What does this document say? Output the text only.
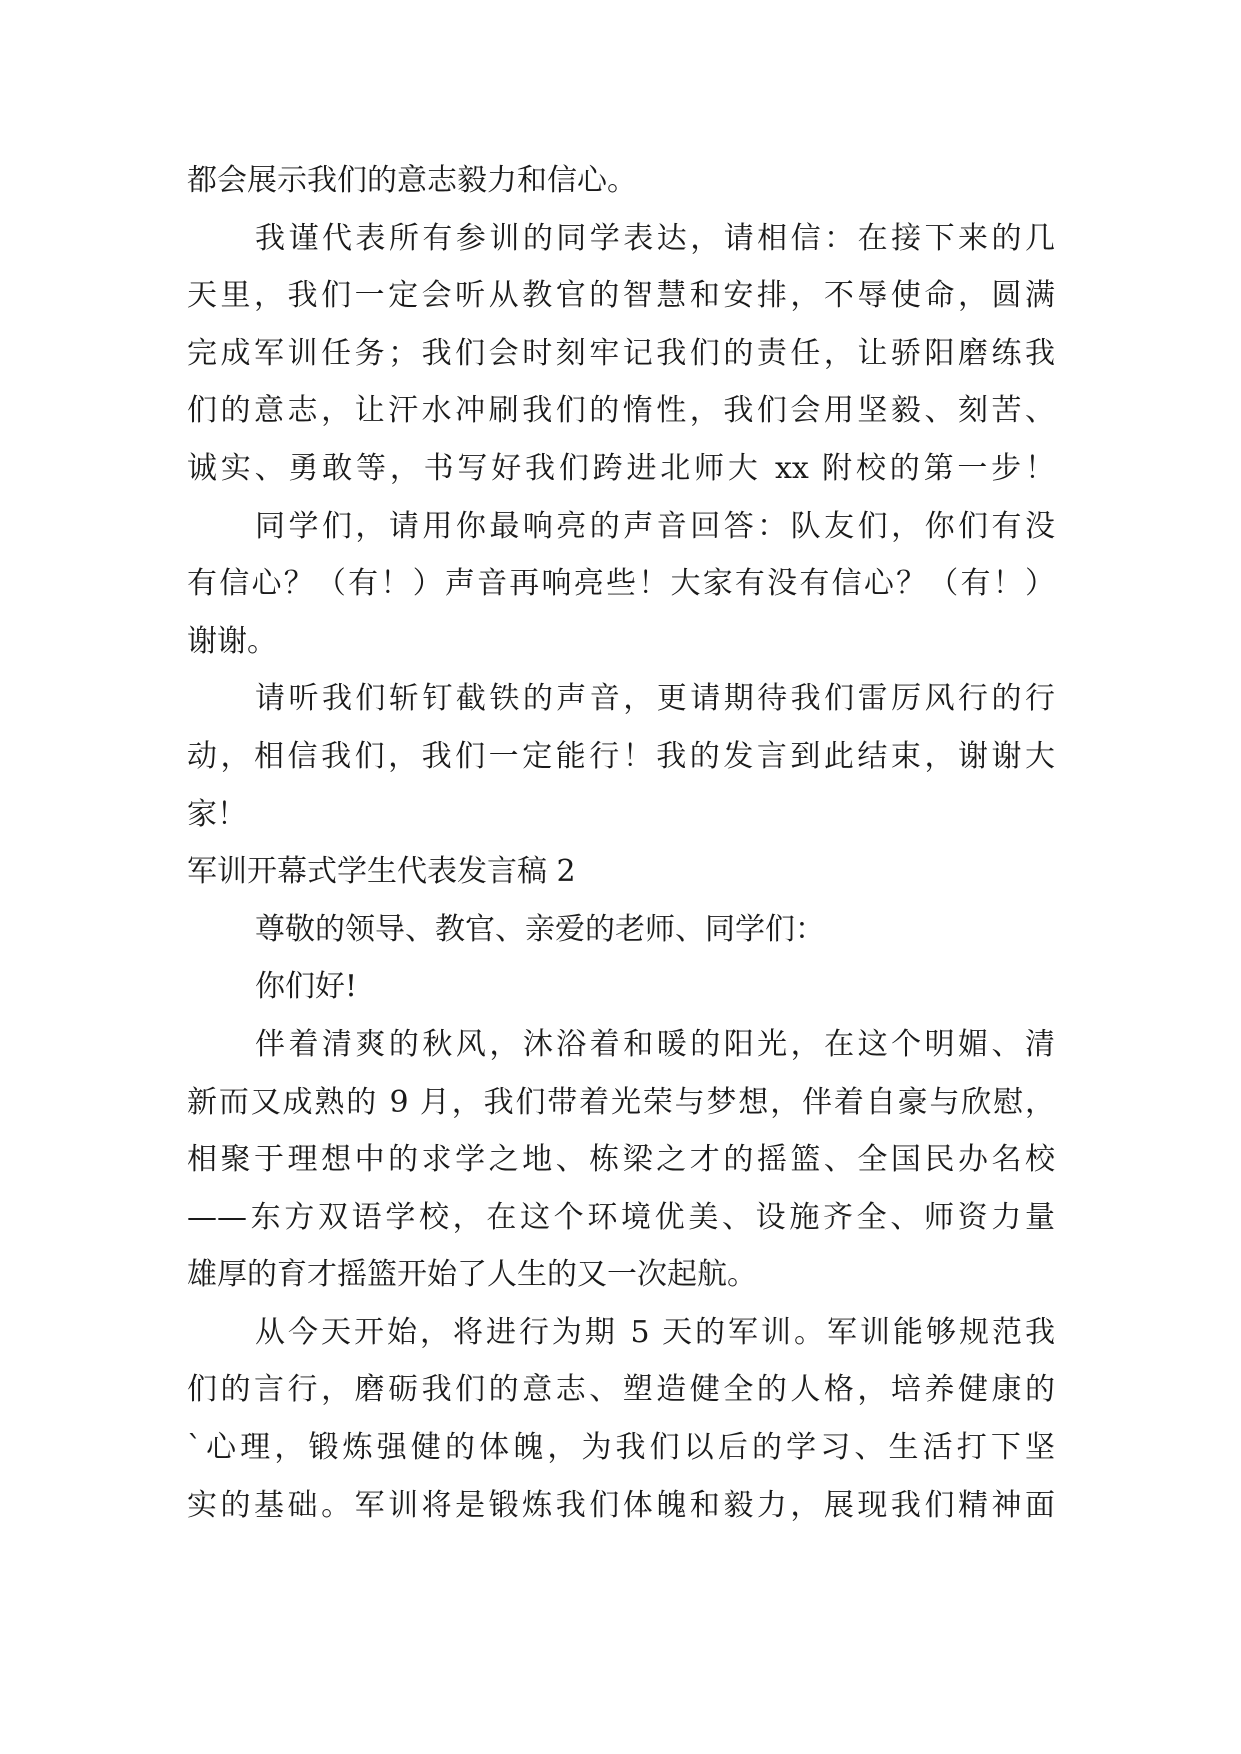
都会展示我们的意志毅力和信心。
我谨代表所有参训的同学表达，请相信：在接下来的几
天里，我们一定会听从教官的智慧和安排，不辱使命，圆满
完成军训任务；我们会时刻牢记我们的责任，让骄阳磨练我
们的意志，让汗水冲刷我们的惰性，我们会用坚毅、刻苦、
诚实、勇敢等，书写好我们跨进北师大 xx 附校的第一步！
同学们，请用你最响亮的声音回答：队友们，你们有没
有信心？（有！）声音再响亮些！大家有没有信心？（有！）
谢谢。
请听我们斩钉截铁的声音，更请期待我们雷厉风行的行
动，相信我们，我们一定能行！我的发言到此结束，谢谢大
家！
军训开幕式学生代表发言稿 2
尊敬的领导、教官、亲爱的老师、同学们：
你们好!
伴着清爽的秋风，沐浴着和暖的阳光，在这个明媚、清
新而又成熟的 9 月，我们带着光荣与梦想，伴着自豪与欣慰，
相聚于理想中的求学之地、栋梁之才的摇篮、全国民办名校
——东方双语学校，在这个环境优美、设施齐全、师资力量
雄厚的育才摇篮开始了人生的又一次起航。
从今天开始，将进行为期 5 天的军训。军训能够规范我
们的言行，磨砺我们的意志、塑造健全的人格，培养健康的
`心理，锻炼强健的体魄，为我们以后的学习、生活打下坚
实的基础。军训将是锻炼我们体魄和毅力，展现我们精神面
